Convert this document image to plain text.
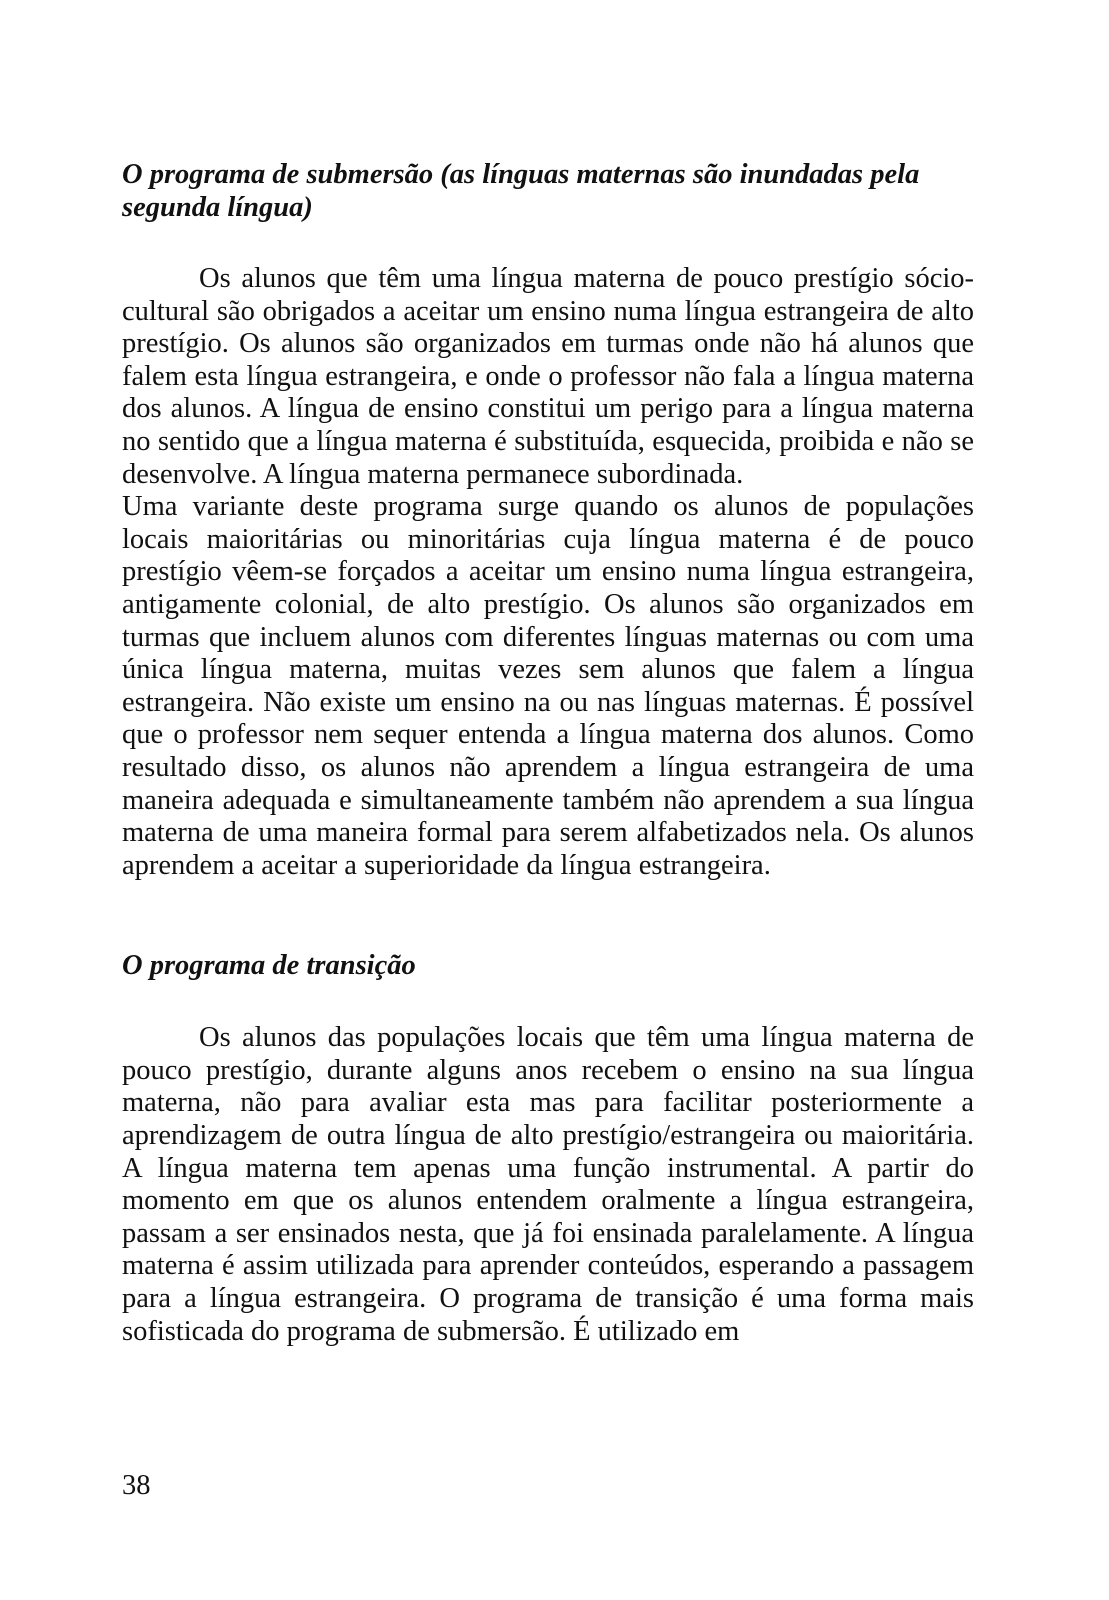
O programa de submersão (as línguas maternas são inundadas pela segunda língua)

Os alunos que têm uma língua materna de pouco prestígio sócio-cultural são obrigados a aceitar um ensino numa língua estrangeira de alto prestígio. Os alunos são organizados em turmas onde não há alunos que falem esta língua estrangeira, e onde o professor não fala a língua materna dos alunos. A língua de ensino constitui um perigo para a língua materna no sentido que a língua materna é substituída, esquecida, proibida e não se desenvolve. A língua materna permanece subordinada.

Uma variante deste programa surge quando os alunos de populações locais maioritárias ou minoritárias cuja língua materna é de pouco prestígio vêem-se forçados a aceitar um ensino numa língua estrangeira, antigamente colonial, de alto prestígio. Os alunos são organizados em turmas que incluem alunos com diferentes línguas maternas ou com uma única língua materna, muitas vezes sem alunos que falem a língua estrangeira. Não existe um ensino na ou nas línguas maternas. É possível que o professor nem sequer entenda a língua materna dos alunos. Como resultado disso, os alunos não aprendem a língua estrangeira de uma maneira adequada e simultaneamente também não aprendem a sua língua materna de uma maneira formal para serem alfabetizados nela. Os alunos aprendem a aceitar a superioridade da língua estrangeira.

O programa de transição

Os alunos das populações locais que têm uma língua materna de pouco prestígio, durante alguns anos recebem o ensino na sua língua materna, não para avaliar esta mas para facilitar posteriormente a aprendizagem de outra língua de alto prestígio/estrangeira ou maioritária. A língua materna tem apenas uma função instrumental. A partir do momento em que os alunos entendem oralmente a língua estrangeira, passam a ser ensinados nesta, que já foi ensinada paralelamente. A língua materna é assim utilizada para aprender conteúdos, esperando a passagem para a língua estrangeira. O programa de transição é uma forma mais sofisticada do programa de submersão. É utilizado em

38
